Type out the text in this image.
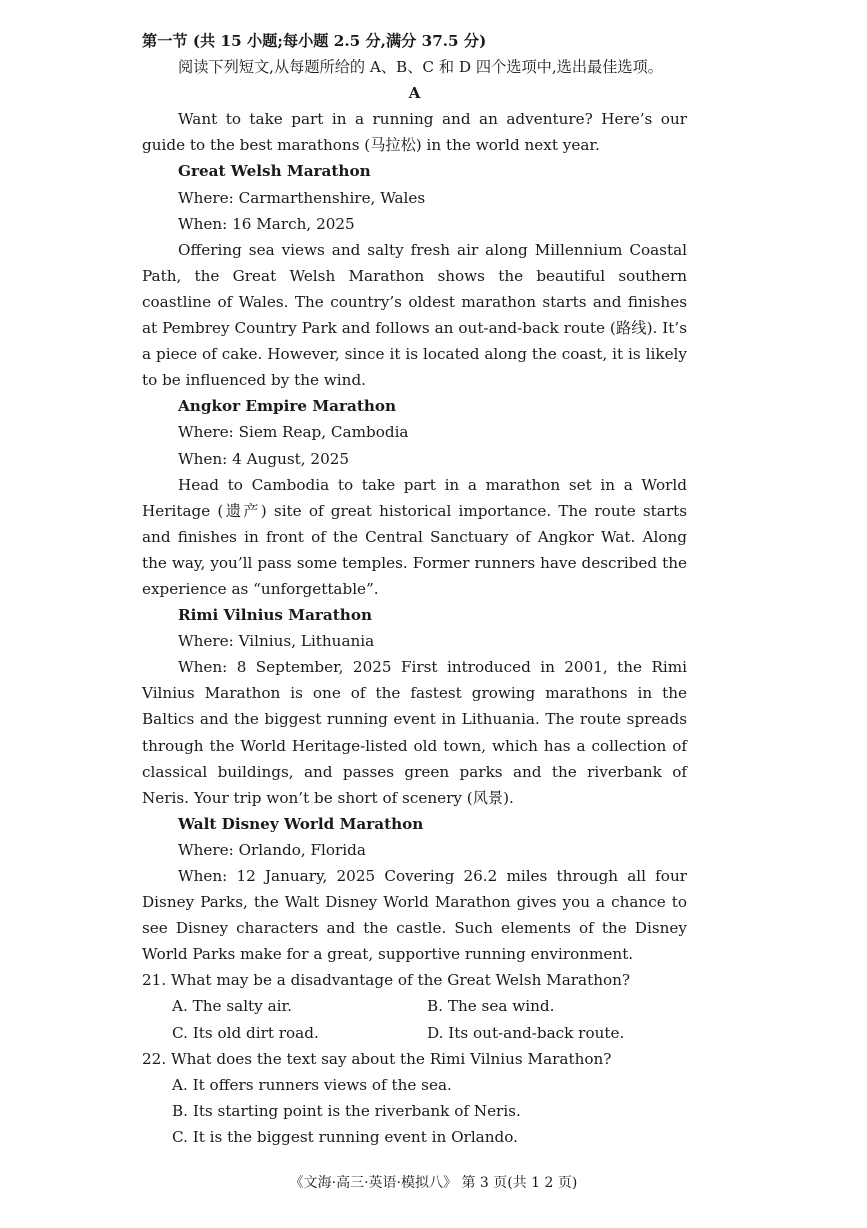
第一节 (共 15 小题;每小题 2.5 分,满分 37.5 分)

阅读下列短文,从每题所给的 A、B、C 和 D 四个选项中,选出最佳选项。

A

Want to take part in a running and an adventure? Here’s our guide to the best marathons (马拉松) in the world next year.

Great Welsh Marathon

Where: Carmarthenshire, Wales

When: 16 March, 2025

Offering sea views and salty fresh air along Millennium Coastal Path, the Great Welsh Marathon shows the beautiful southern coastline of Wales. The country’s oldest marathon starts and finishes at Pembrey Country Park and follows an out-and-back route (路线). It’s a piece of cake. However, since it is located along the coast, it is likely to be influenced by the wind.

Angkor Empire Marathon

Where: Siem Reap, Cambodia

When: 4 August, 2025

Head to Cambodia to take part in a marathon set in a World Heritage (遗产) site of great historical importance. The route starts and finishes in front of the Central Sanctuary of Angkor Wat. Along the way, you’ll pass some temples. Former runners have described the experience as “unforgettable”.

Rimi Vilnius Marathon

Where: Vilnius, Lithuania

When: 8 September, 2025 First introduced in 2001, the Rimi Vilnius Marathon is one of the fastest growing marathons in the Baltics and the biggest running event in Lithuania. The route spreads through the World Heritage-listed old town, which has a collection of classical buildings, and passes green parks and the riverbank of Neris. Your trip won’t be short of scenery (风景).

Walt Disney World Marathon

Where: Orlando, Florida

When: 12 January, 2025 Covering 26.2 miles through all four Disney Parks, the Walt Disney World Marathon gives you a chance to see Disney characters and the castle. Such elements of the Disney World Parks make for a great, supportive running environment.

21. What may be a disadvantage of the Great Welsh Marathon?

A. The salty air.	B. The sea wind.
C. Its old dirt road.	D. Its out-and-back route.

22. What does the text say about the Rimi Vilnius Marathon?

A. It offers runners views of the sea.

B. Its starting point is the riverbank of Neris.

C. It is the biggest running event in Orlando.

《文海·高三·英语·模拟八》 第 3 页(共 1 2 页)
